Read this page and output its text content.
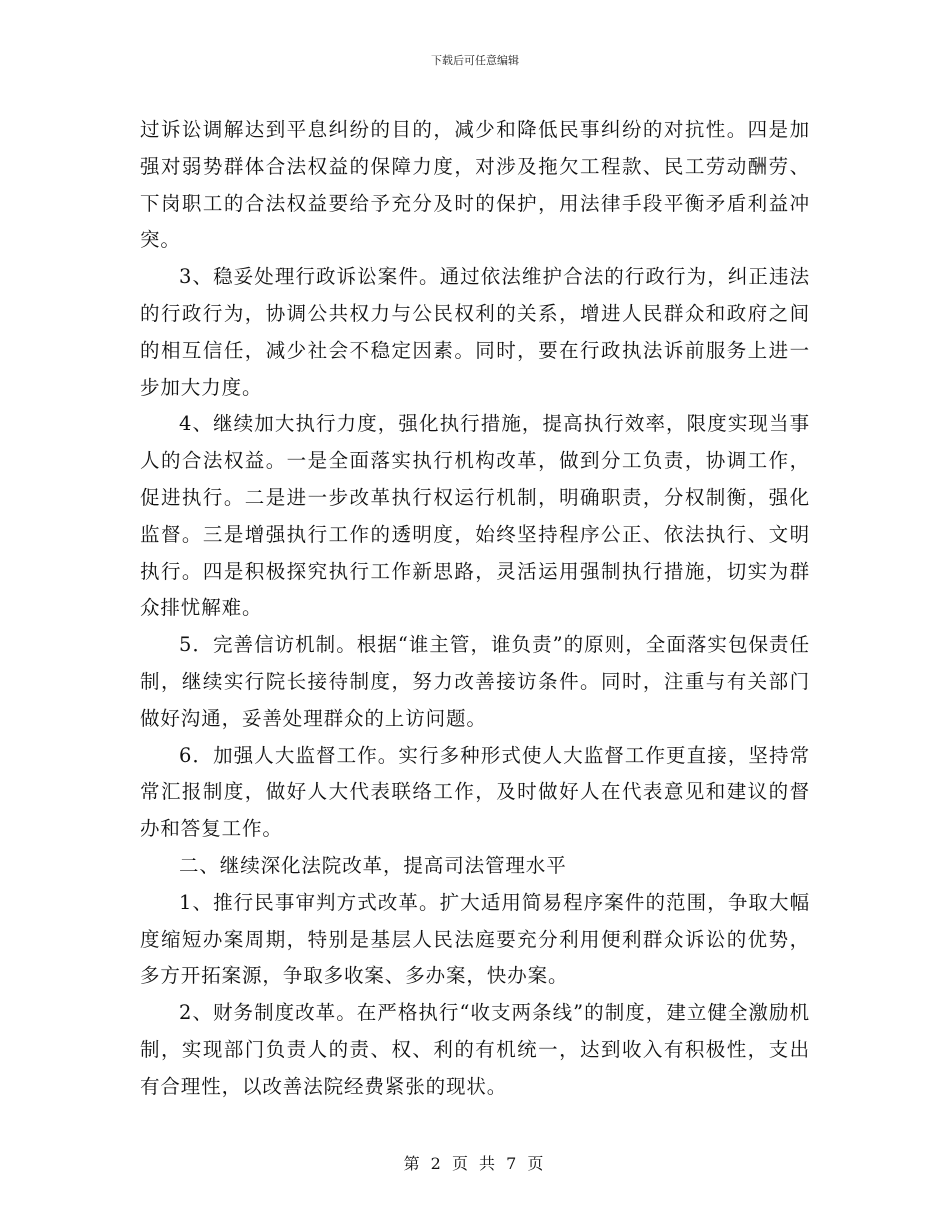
下载后可任意编辑

过诉讼调解达到平息纠纷的目的，减少和降低民事纠纷的对抗性。四是加强对弱势群体合法权益的保障力度，对涉及拖欠工程款、民工劳动酬劳、下岗职工的合法权益要给予充分及时的保护，用法律手段平衡矛盾利益冲突。

3、稳妥处理行政诉讼案件。通过依法维护合法的行政行为，纠正违法的行政行为，协调公共权力与公民权利的关系，增进人民群众和政府之间的相互信任，减少社会不稳定因素。同时，要在行政执法诉前服务上进一步加大力度。

4、继续加大执行力度，强化执行措施，提高执行效率，限度实现当事人的合法权益。一是全面落实执行机构改革，做到分工负责，协调工作，促进执行。二是进一步改革执行权运行机制，明确职责，分权制衡，强化监督。三是增强执行工作的透明度，始终坚持程序公正、依法执行、文明执行。四是积极探究执行工作新思路，灵活运用强制执行措施，切实为群众排忧解难。

5．完善信访机制。根据“谁主管，谁负责”的原则，全面落实包保责任制，继续实行院长接待制度，努力改善接访条件。同时，注重与有关部门做好沟通，妥善处理群众的上访问题。

6．加强人大监督工作。实行多种形式使人大监督工作更直接，坚持常常汇报制度，做好人大代表联络工作，及时做好人在代表意见和建议的督办和答复工作。

二、继续深化法院改革，提高司法管理水平

1、推行民事审判方式改革。扩大适用简易程序案件的范围，争取大幅度缩短办案周期，特别是基层人民法庭要充分利用便利群众诉讼的优势，多方开拓案源，争取多收案、多办案，快办案。

2、财务制度改革。在严格执行“收支两条线”的制度，建立健全激励机制，实现部门负责人的责、权、利的有机统一，达到收入有积极性，支出有合理性，以改善法院经费紧张的现状。

第 2 页 共 7 页
